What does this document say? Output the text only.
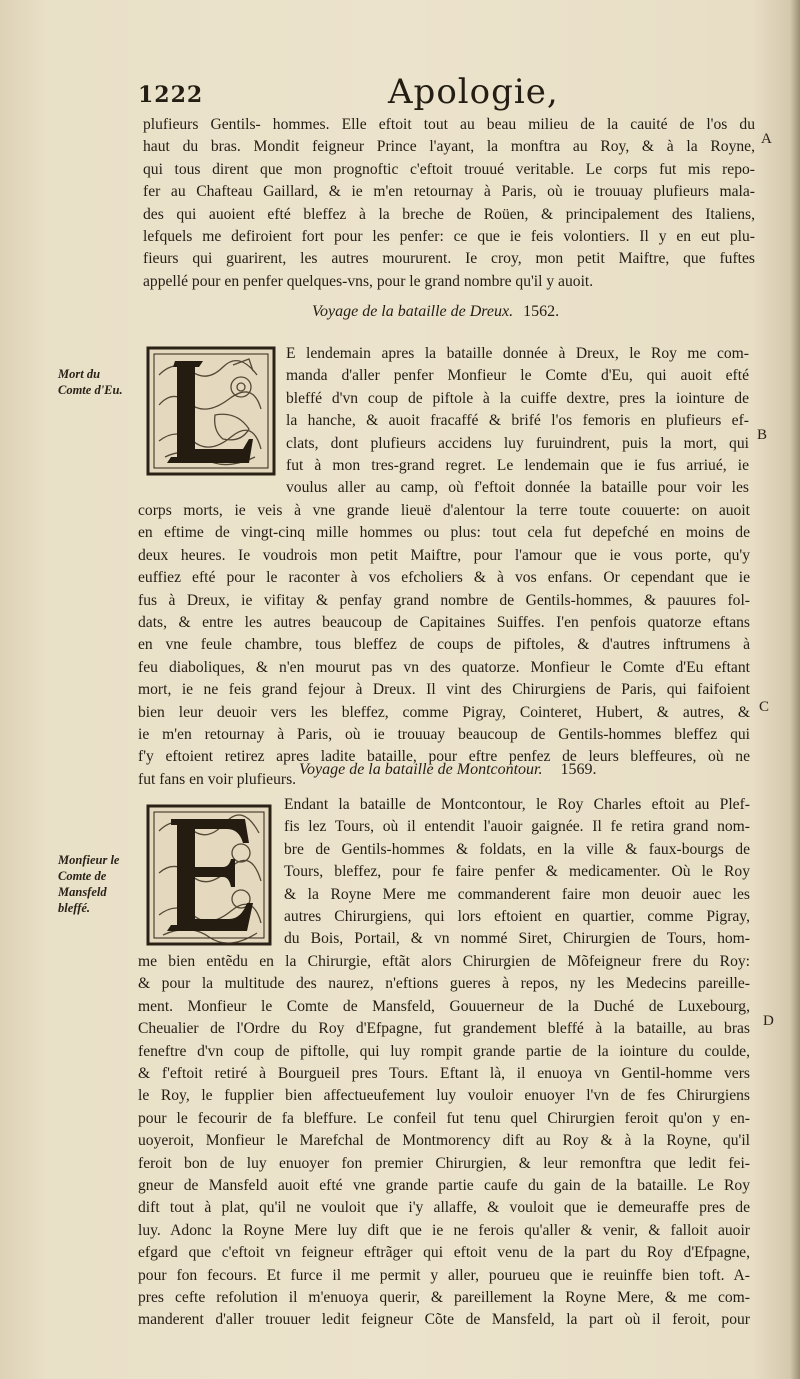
1222	Apologie,
plufieurs Gentils- hommes. Elle eftoit tout au beau milieu de la cauité de l'os du
haut du bras. Mondit feigneur Prince l'ayant, la monftra au Roy, & à la Royne,
qui tous dirent que mon prognoftic c'eftoit trouué veritable. Le corps fut mis repo-
fer au Chafteau Gaillard, & ie m'en retournay à Paris, où ie trouuay plufieurs mala-
des qui auoient efté bleffez à la breche de Roüen, & principalement des Italiens,
lefquels me defiroient fort pour les penfer: ce que ie feis volontiers. Il y en eut plu-
fieurs qui guarirent, les autres moururent. Ie croy, mon petit Maiftre, que fuftes
appellé pour en penfer quelques-vns, pour le grand nombre qu'il y auoit.
E lendemain apres la bataille donnée à Dreux, le Roy me com-
manda d'aller penfer Monfieur le Comte d'Eu, qui auoit efté
bleffé d'vn coup de piftole à la cuiffe dextre, pres la iointure de
la hanche, & auoit fracaffé & brifé l'os femoris en plufieurs ef-
clats, dont plufieurs accidens luy furuindrent, puis la mort, qui
fut à mon tres-grand regret. Le lendemain que ie fus arriué, ie
voulus aller au camp, où f'eftoit donnée la bataille pour voir les
corps morts, ie veis à vne grande lieuë d'alentour la terre toute couuerte: on auoit
en eftime de vingt-cinq mille hommes ou plus: tout cela fut depefché en moins de
deux heures. Ie voudrois mon petit Maiftre, pour l'amour que ie vous porte, qu'y
euffiez efté pour le raconter à vos efcholiers & à vos enfans. Or cependant que ie
fus à Dreux, ie vifitay & penfay grand nombre de Gentils-hommes, & pauures fol-
dats, & entre les autres beaucoup de Capitaines Suiffes. I'en penfois quatorze eftans
en vne feule chambre, tous bleffez de coups de piftoles, & d'autres inftrumens à
feu diaboliques, & n'en mourut pas vn des quatorze. Monfieur le Comte d'Eu eftant
mort, ie ne feis grand fejour à Dreux. Il vint des Chirurgiens de Paris, qui faifoient
bien leur deuoir vers les bleffez, comme Pigray, Cointeret, Hubert, & autres, &
ie m'en retournay à Paris, où ie trouuay beaucoup de Gentils-hommes bleffez qui
f'y eftoient retirez apres ladite bataille, pour eftre penfez de leurs bleffeures, où ne
fut fans en voir plufieurs.
Endant la bataille de Montcontour, le Roy Charles eftoit au Plef-
fis lez Tours, où il entendit l'auoir gaignée. Il fe retira grand nom-
bre de Gentils-hommes & foldats, en la ville & faux-bourgs de
Tours, bleffez, pour fe faire penfer & medicamenter. Où le Roy
& la Royne Mere me commanderent faire mon deuoir auec les
autres Chirurgiens, qui lors eftoient en quartier, comme Pigray,
du Bois, Portail, & vn nommé Siret, Chirurgien de Tours, hom-
me bien entẽdu en la Chirurgie, eftãt alors Chirurgien de Mõfeigneur frere du Roy:
& pour la multitude des naurez, n'eftions gueres à repos, ny les Medecins pareille-
ment. Monfieur le Comte de Mansfeld, Gouuerneur de la Duché de Luxebourg,
Cheualier de l'Ordre du Roy d'Efpagne, fut grandement bleffé à la bataille, au bras
feneftre d'vn coup de piftolle, qui luy rompit grande partie de la iointure du coulde,
& f'eftoit retiré à Bourgueil pres Tours. Eftant là, il enuoya vn Gentil-homme vers
le Roy, le fupplier bien affectueufement luy vouloir enuoyer l'vn de fes Chirurgiens
pour le fecourir de fa bleffure. Le confeil fut tenu quel Chirurgien feroit qu'on y en-
uoyeroit, Monfieur le Marefchal de Montmorency dift au Roy & à la Royne, qu'il
feroit bon de luy enuoyer fon premier Chirurgien, & leur remonftra que ledit fei-
gneur de Mansfeld auoit efté vne grande partie caufe du gain de la bataille. Le Roy
dift tout à plat, qu'il ne vouloit que i'y allaffe, & vouloit que ie demeuraffe pres de
luy. Adonc la Royne Mere luy dift que ie ne ferois qu'aller & venir, & falloit auoir
efgard que c'eftoit vn feigneur eftrãger qui eftoit venu de la part du Roy d'Efpagne,
pour fon fecours. Et furce il me permit y aller, pourueu que ie reuinffe bien toft. A-
pres cefte refolution il m'enuoya querir, & pareillement la Royne Mere, & me com-
manderent d'aller trouuer ledit feigneur Cõte de Mansfeld, la part où il feroit, pour
Voyage de la bataille de Dreux. 1562.
Voyage de la bataille de Montcontour. 1569.
Mort du
Comte d'Eu.
Monfieur le
Comte de
Mansfeld
bleffé.
A
B
C
D
